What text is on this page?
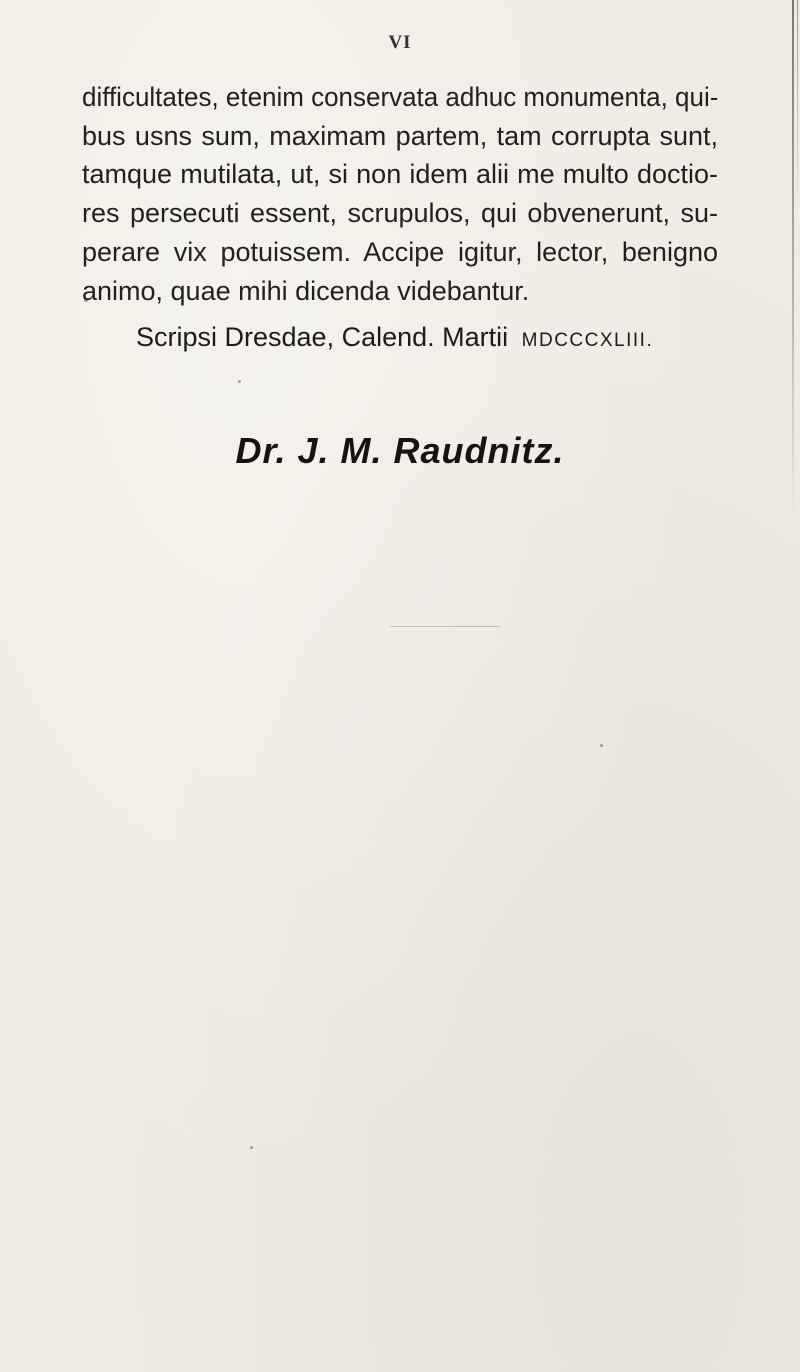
VI
difficultates, etenim conservata adhuc monumenta, qui-
bus usns sum, maximam partem, tam corrupta sunt,
tamque mutilata, ut, si non idem alii me multo doctio-
res persecuti essent, scrupulos, qui obvenerunt, su-
perare vix potuissem. Accipe igitur, lector, benigno
animo, quae mihi dicenda videbantur.
Scripsi Dresdae, Calend. Martii MDCCCXLIII.
Dr. J. M. Raudnitz.
